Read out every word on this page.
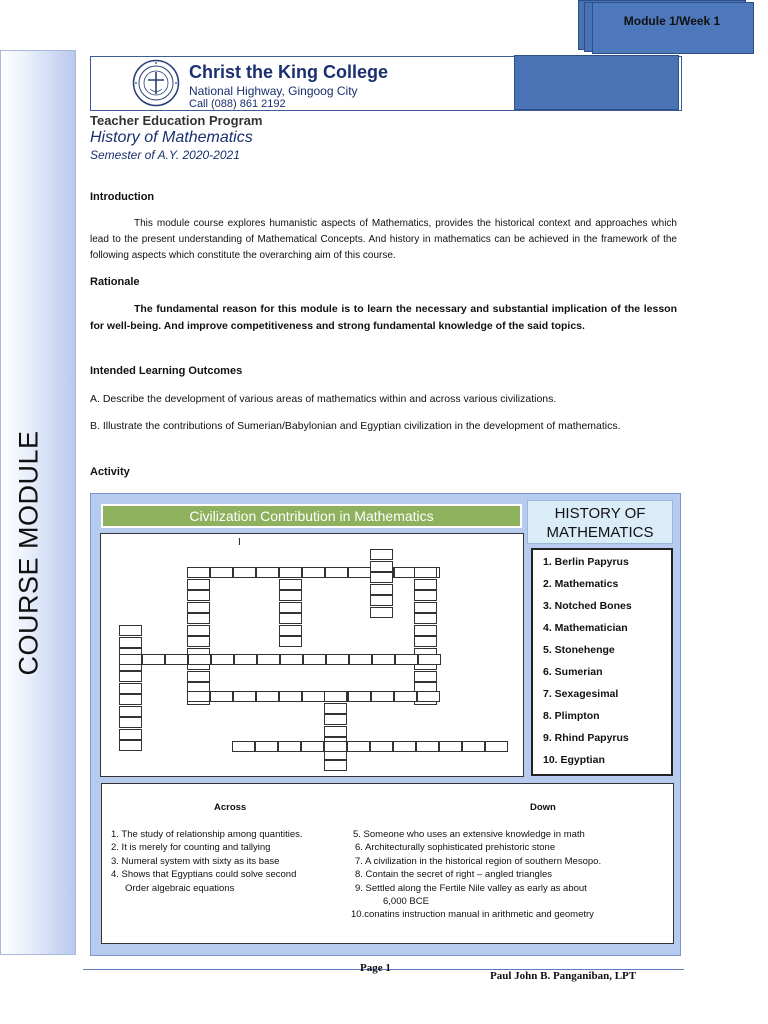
Module 1/Week 1
COURSE MODULE
Christ the King College
National Highway, Gingoog City
Call (088) 861 2192
Teacher Education Program
History of Mathematics
Semester of A.Y. 2020-2021
Introduction

This module course explores humanistic aspects of Mathematics, provides the historical context and approaches which lead to the present understanding of Mathematical Concepts. And history in mathematics can be achieved in the framework of the following aspects which constitute the overarching aim of this course.

Rationale

The fundamental reason for this module is to learn the necessary and substantial implication of the lesson for well-being. And improve competitiveness and strong fundamental knowledge of the said topics.

Intended Learning Outcomes

A. Describe the development of various areas of mathematics within and across various civilizations.

B. Illustrate the contributions of Sumerian/Babylonian and Egyptian civilization in the development of mathematics.

Activity
Civilization Contribution in Mathematics
I
HISTORY OF MATHEMATICS
1. Berlin Papyrus
2. Mathematics
3. Notched Bones
4. Mathematician
5. Stonehenge
6. Sumerian
7. Sexagesimal
8. Plimpton
9. Rhind Papyrus
10. Egyptian
Across	Down
1. The study of relationship among quantities.
2. It is merely for counting and tallying
3. Numeral system with sixty as its base
4. Shows that Egyptians could solve second
Order algebraic equations
5. Someone who uses an extensive knowledge in math
6. Architecturally sophisticated prehistoric stone
7. A civilization in the historical region of southern Mesopo.
8. Contain the secret of right – angled triangles
9. Settled along the Fertile Nile valley as early as about
6,000 BCE
10.conatins instruction manual in arithmetic and geometry
Page 1
Paul John B. Panganiban, LPT
